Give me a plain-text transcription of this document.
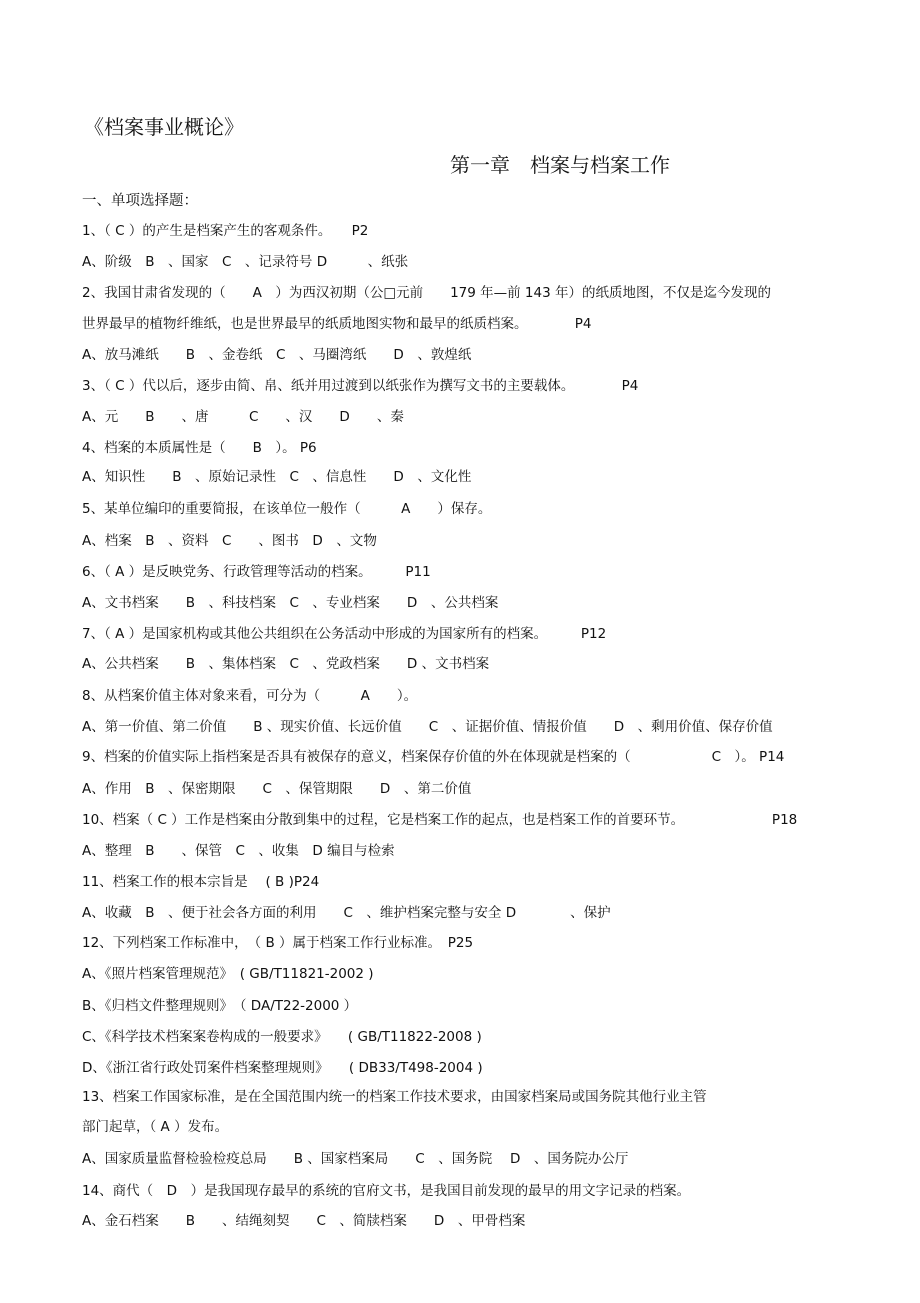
《档案事业概论》
第一章　档案与档案工作
一、单项选择题：
1、（ C ）的产生是档案产生的客观条件。　　P2
A、阶级　B　、国家　C　、记录符号 D　　　、纸张
2、我国甘肃省发现的（　　A　）为西汉初期（公□元前　　179 年—前 143 年）的纸质地图，不仅是迄今发现的
世界最早的植物纤维纸，也是世界最早的纸质地图实物和最早的纸质档案。　　　　P4
A、放马滩纸　　B　、金卷纸　C　、马圈湾纸　　D　、敦煌纸
3、（ C ）代以后，逐步由简、帛、纸并用过渡到以纸张作为撰写文书的主要载体。　　　　P4
A、元　　B　　、唐　　　C　　、汉　　D　　、秦
4、档案的本质属性是（　　B　）。 P6
A、知识性　　B　、原始记录性　C　、信息性　　D　、文化性
5、某单位编印的重要简报，在该单位一般作（　　　A　　）保存。
A、档案　B　、资料　C　　、图书　D　、文物
6、（ A ）是反映党务、行政管理等活动的档案。　　　P11
A、文书档案　　B　、科技档案　C　、专业档案　　D　、公共档案
7、（ A ）是国家机构或其他公共组织在公务活动中形成的为国家所有的档案。　　　P12
A、公共档案　　B　、集体档案　C　、党政档案　　D 、文书档案
8、从档案价值主体对象来看，可分为（　　　A　　）。
A、第一价值、第二价值　　B 、现实价值、长远价值　　C　、证据价值、情报价值　　D　、剩用价值、保存价值
9、档案的价值实际上指档案是否具有被保存的意义，档案保存价值的外在体现就是档案的（　　　　　　C　）。 P14
A、作用　B　、保密期限　　C　、保管期限　　D　、第二价值
10、档案（ C ）工作是档案由分散到集中的过程，它是档案工作的起点，也是档案工作的首要环节。　　　　　　　P18
A、整理　B　　、保管　C　、收集　D 编目与检索
11、档案工作的根本宗旨是　 ( B )P24
A、收藏　B　、便于社会各方面的利用　　C　、维护档案完整与安全 D　　　　、保护
12、下列档案工作标准中，　（ B ）属于档案工作行业标准。　P25
A、《照片档案管理规范》　( GB/T11821-2002 )
B、《归档文件整理规则》　（ DA/T22-2000 ）
C、《科学技术档案案卷构成的一般要求》　　( GB/T11822-2008 )
D、《浙江省行政处罚案件档案整理规则》　　( DB33/T498-2004 )
13、档案工作国家标准，是在全国范围内统一的档案工作技术要求，由国家档案局或国务院其他行业主管
部门起草，（ A ）发布。
A、国家质量监督检验检疫总局　　B 、国家档案局　　C　、国务院　 D　、国务院办公厅
14、商代（　D　）是我国现存最早的系统的官府文书，是我国目前发现的最早的用文字记录的档案。
A、金石档案　　B　　、结绳刻契　　C　、简牍档案　　D　、甲骨档案
